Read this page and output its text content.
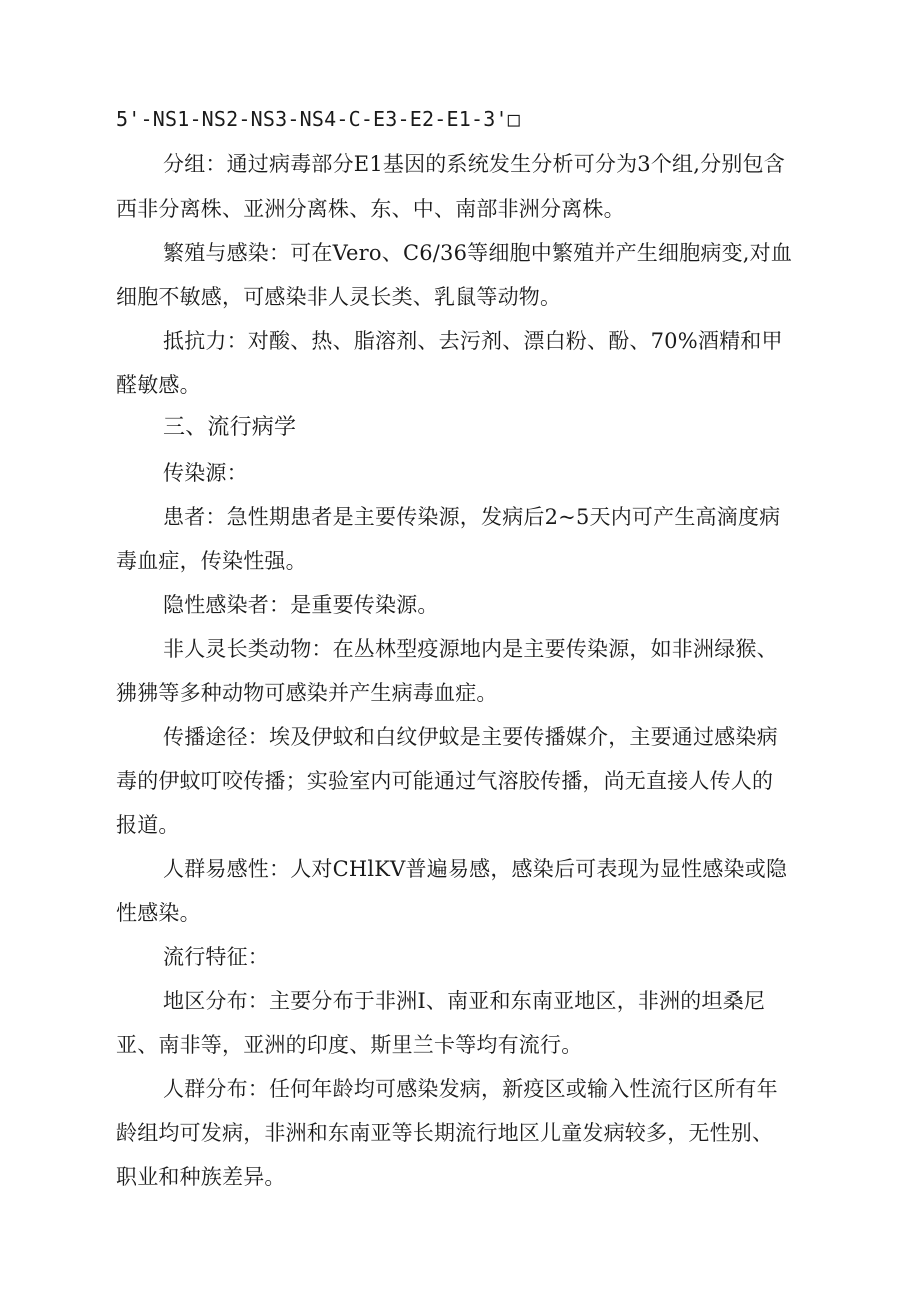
5'-NS1-NS2-NS3-NS4-C-E3-E2-E1-3'□
分组：通过病毒部分E1基因的系统发生分析可分为3个组,分别包含
西非分离株、亚洲分离株、东、中、南部非洲分离株。
繁殖与感染：可在Vero、C6/36等细胞中繁殖并产生细胞病变,对血
细胞不敏感，可感染非人灵长类、乳鼠等动物。
抵抗力：对酸、热、脂溶剂、去污剂、漂白粉、酚、70%酒精和甲
醛敏感。
三、流行病学
传染源：
患者：急性期患者是主要传染源，发病后2~5天内可产生高滴度病
毒血症，传染性强。
隐性感染者：是重要传染源。
非人灵长类动物：在丛林型疫源地内是主要传染源，如非洲绿猴、
狒狒等多种动物可感染并产生病毒血症。
传播途径：埃及伊蚊和白纹伊蚊是主要传播媒介，主要通过感染病
毒的伊蚊叮咬传播；实验室内可能通过气溶胶传播，尚无直接人传人的
报道。
人群易感性：人对CHlKV普遍易感，感染后可表现为显性感染或隐
性感染。
流行特征：
地区分布：主要分布于非洲I、南亚和东南亚地区，非洲的坦桑尼
亚、南非等，亚洲的印度、斯里兰卡等均有流行。
人群分布：任何年龄均可感染发病，新疫区或输入性流行区所有年
龄组均可发病，非洲和东南亚等长期流行地区儿童发病较多，无性别、
职业和种族差异。
